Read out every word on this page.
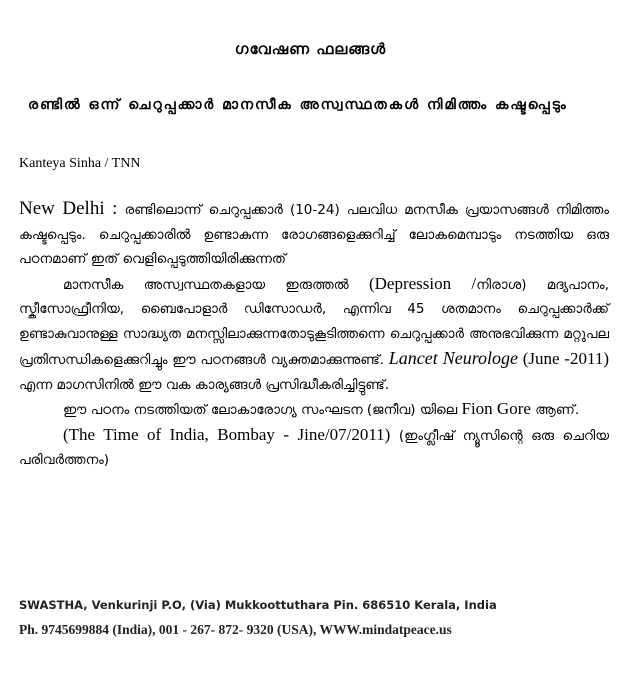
ഗവേഷണ ഫലങ്ങൾ
രണ്ടിൽ ഒന്ന് ചെറുപ്പക്കാർ മാനസീക അസ്വസ്ഥതകൾ നിമിത്തം കഷ്ടപ്പെടും
Kanteya Sinha / TNN

New Delhi : രണ്ടിലൊന്ന് ചെറുപ്പക്കാർ (10-24) പലവിധ മനസീക പ്രയാസങ്ങൾ നിമിത്തം കഷ്ടപ്പെടും. ചെറുപ്പക്കാരിൽ ഉണ്ടാകുന്ന രോഗങ്ങളെക്കുറിച്ച് ലോകമെമ്പാടും നടത്തിയ ഒരു പഠനമാണ് ഇത് വെളിപ്പെടുത്തിയിരിക്കുന്നത്

മാനസീക അസ്വസ്ഥതകളായ ഇരുത്തൽ (Depression /നിരാശ) മദ്യപാനം, സ്കീസോഫ്രീനിയ, ബൈപോളാർ ഡിസോഡർ, എന്നിവ 45 ശതമാനം ചെറുപ്പക്കാർക്ക് ഉണ്ടാകുവാനുള്ള സാദ്ധ്യത മനസ്സിലാക്കുന്നതോടുകൂടിത്തന്നെ ചെറുപ്പക്കാർ അനുഭവിക്കുന്ന മറ്റുപല പ്രതിസന്ധികളെക്കുറിച്ചും ഈ പഠനങ്ങൾ വ്യക്തമാക്കുന്നുണ്ട്. Lancet Neurologe (June -2011) എന്ന മാഗസിനിൽ ഈ വക കാര്യങ്ങൾ പ്രസിദ്ധീകരിച്ചിട്ടുണ്ട്.

ഈ പഠനം നടത്തിയത് ലോകാരോഗ്യ സംഘടന (ജനീവ) യിലെ Fion Gore ആണ്.

(The Time of India, Bombay - Jine/07/2011) (ഇംഗ്ലീഷ് ന്യൂസിന്റെ ഒരു ചെറിയ പരിവർത്തനം)

SWASTHA, Venkurinji P.O, (Via) Mukkoottuthara Pin. 686510 Kerala, India
Ph. 9745699884 (India), 001 - 267- 872- 9320 (USA), WWW.mindatpeace.us
